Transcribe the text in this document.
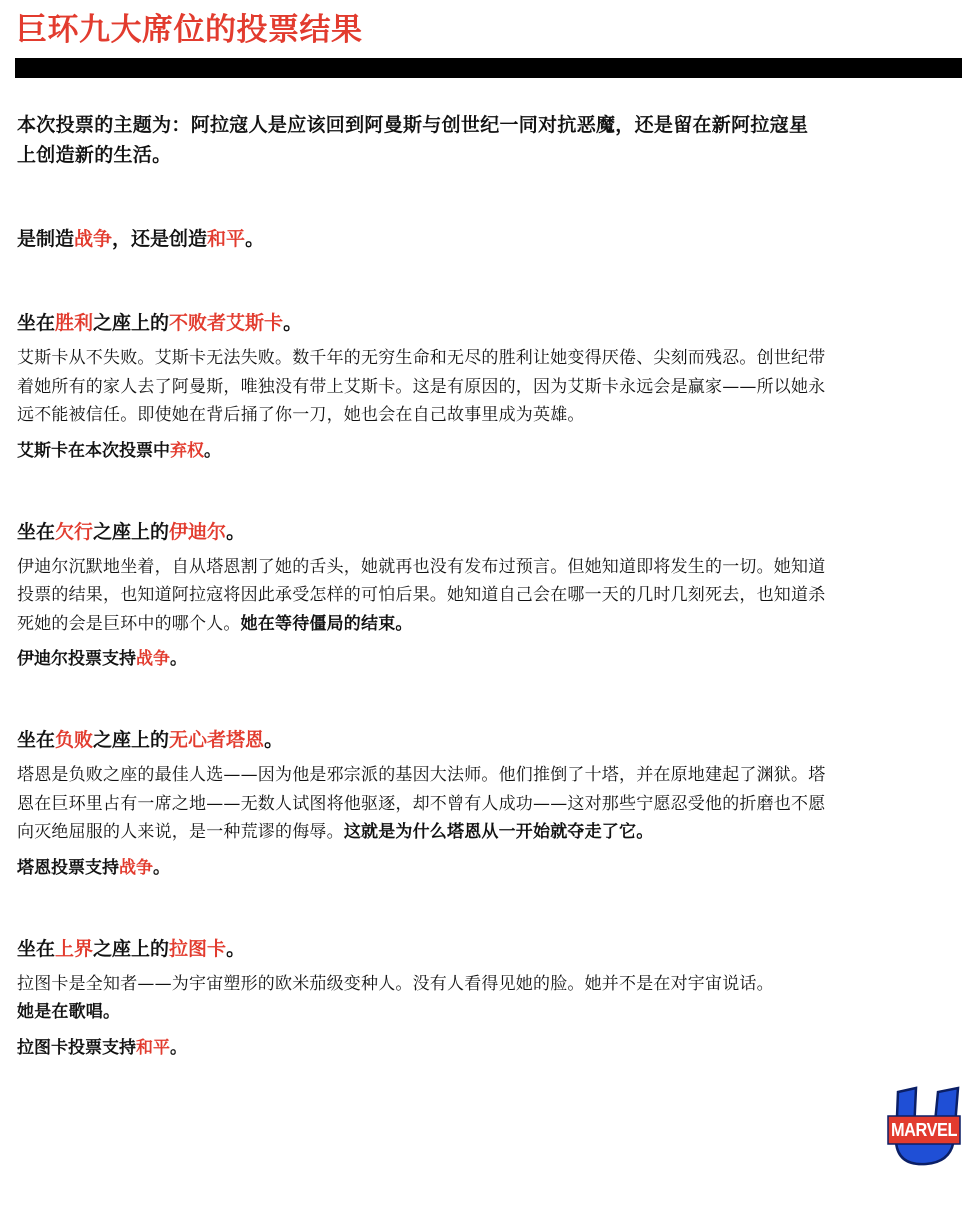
巨环九大席位的投票结果

本次投票的主题为：阿拉寇人是应该回到阿曼斯与创世纪一同对抗恶魔，还是留在新阿拉寇星上创造新的生活。

是制造战争，还是创造和平。

坐在胜利之座上的不败者艾斯卡。

艾斯卡从不失败。艾斯卡无法失败。数千年的无穷生命和无尽的胜利让她变得厌倦、尖刻而残忍。创世纪带着她所有的家人去了阿曼斯，唯独没有带上艾斯卡。这是有原因的，因为艾斯卡永远会是赢家——所以她永远不能被信任。即使她在背后捅了你一刀，她也会在自己故事里成为英雄。

艾斯卡在本次投票中弃权。

坐在欠行之座上的伊迪尔。

伊迪尔沉默地坐着，自从塔恩割了她的舌头，她就再也没有发布过预言。但她知道即将发生的一切。她知道投票的结果，也知道阿拉寇将因此承受怎样的可怕后果。她知道自己会在哪一天的几时几刻死去，也知道杀死她的会是巨环中的哪个人。她在等待僵局的结束。

伊迪尔投票支持战争。

坐在负败之座上的无心者塔恩。

塔恩是负败之座的最佳人选——因为他是邪宗派的基因大法师。他们推倒了十塔，并在原地建起了渊狱。塔恩在巨环里占有一席之地——无数人试图将他驱逐，却不曾有人成功——这对那些宁愿忍受他的折磨也不愿向灭绝屈服的人来说，是一种荒谬的侮辱。这就是为什么塔恩从一开始就夺走了它。

塔恩投票支持战争。

坐在上界之座上的拉图卡。

拉图卡是全知者——为宇宙塑形的欧米茄级变种人。没有人看得见她的脸。她并不是在对宇宙说话。
她是在歌唱。

拉图卡投票支持和平。

MARVEL
